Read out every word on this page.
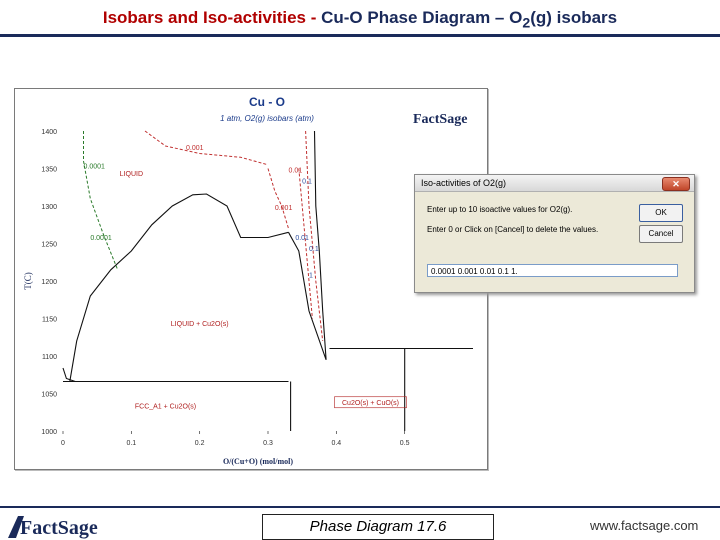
Isobars and Iso-activities - Cu-O Phase Diagram – $O_2(g)$ isobars
Cu - O
1 atm, O2(g) isobars (atm)	FactSage
0	0.1	0.2	0.3	0.4	0.5
1000
1050
1100
1150
1200
1250
1300
1350
1400
O/(Cu+O) (mol/mol)
T(C)
0.0001
0.001
0.01
0.1
1
0.0001
0.001
0.01
0.1
LIQUID
LIQUID + Cu2O(s)
FCC_A1 + Cu2O(s)
Cu2O(s) + CuO(s)
Iso-activities of O2(g)	✕
Enter up to 10 isoactive values for O2(g).
Enter 0 or Click on [Cancel] to delete the values.
OK
Cancel
0.0001 0.001 0.01 0.1 1.
FactSage	Phase Diagram 17.6	www.factsage.com
